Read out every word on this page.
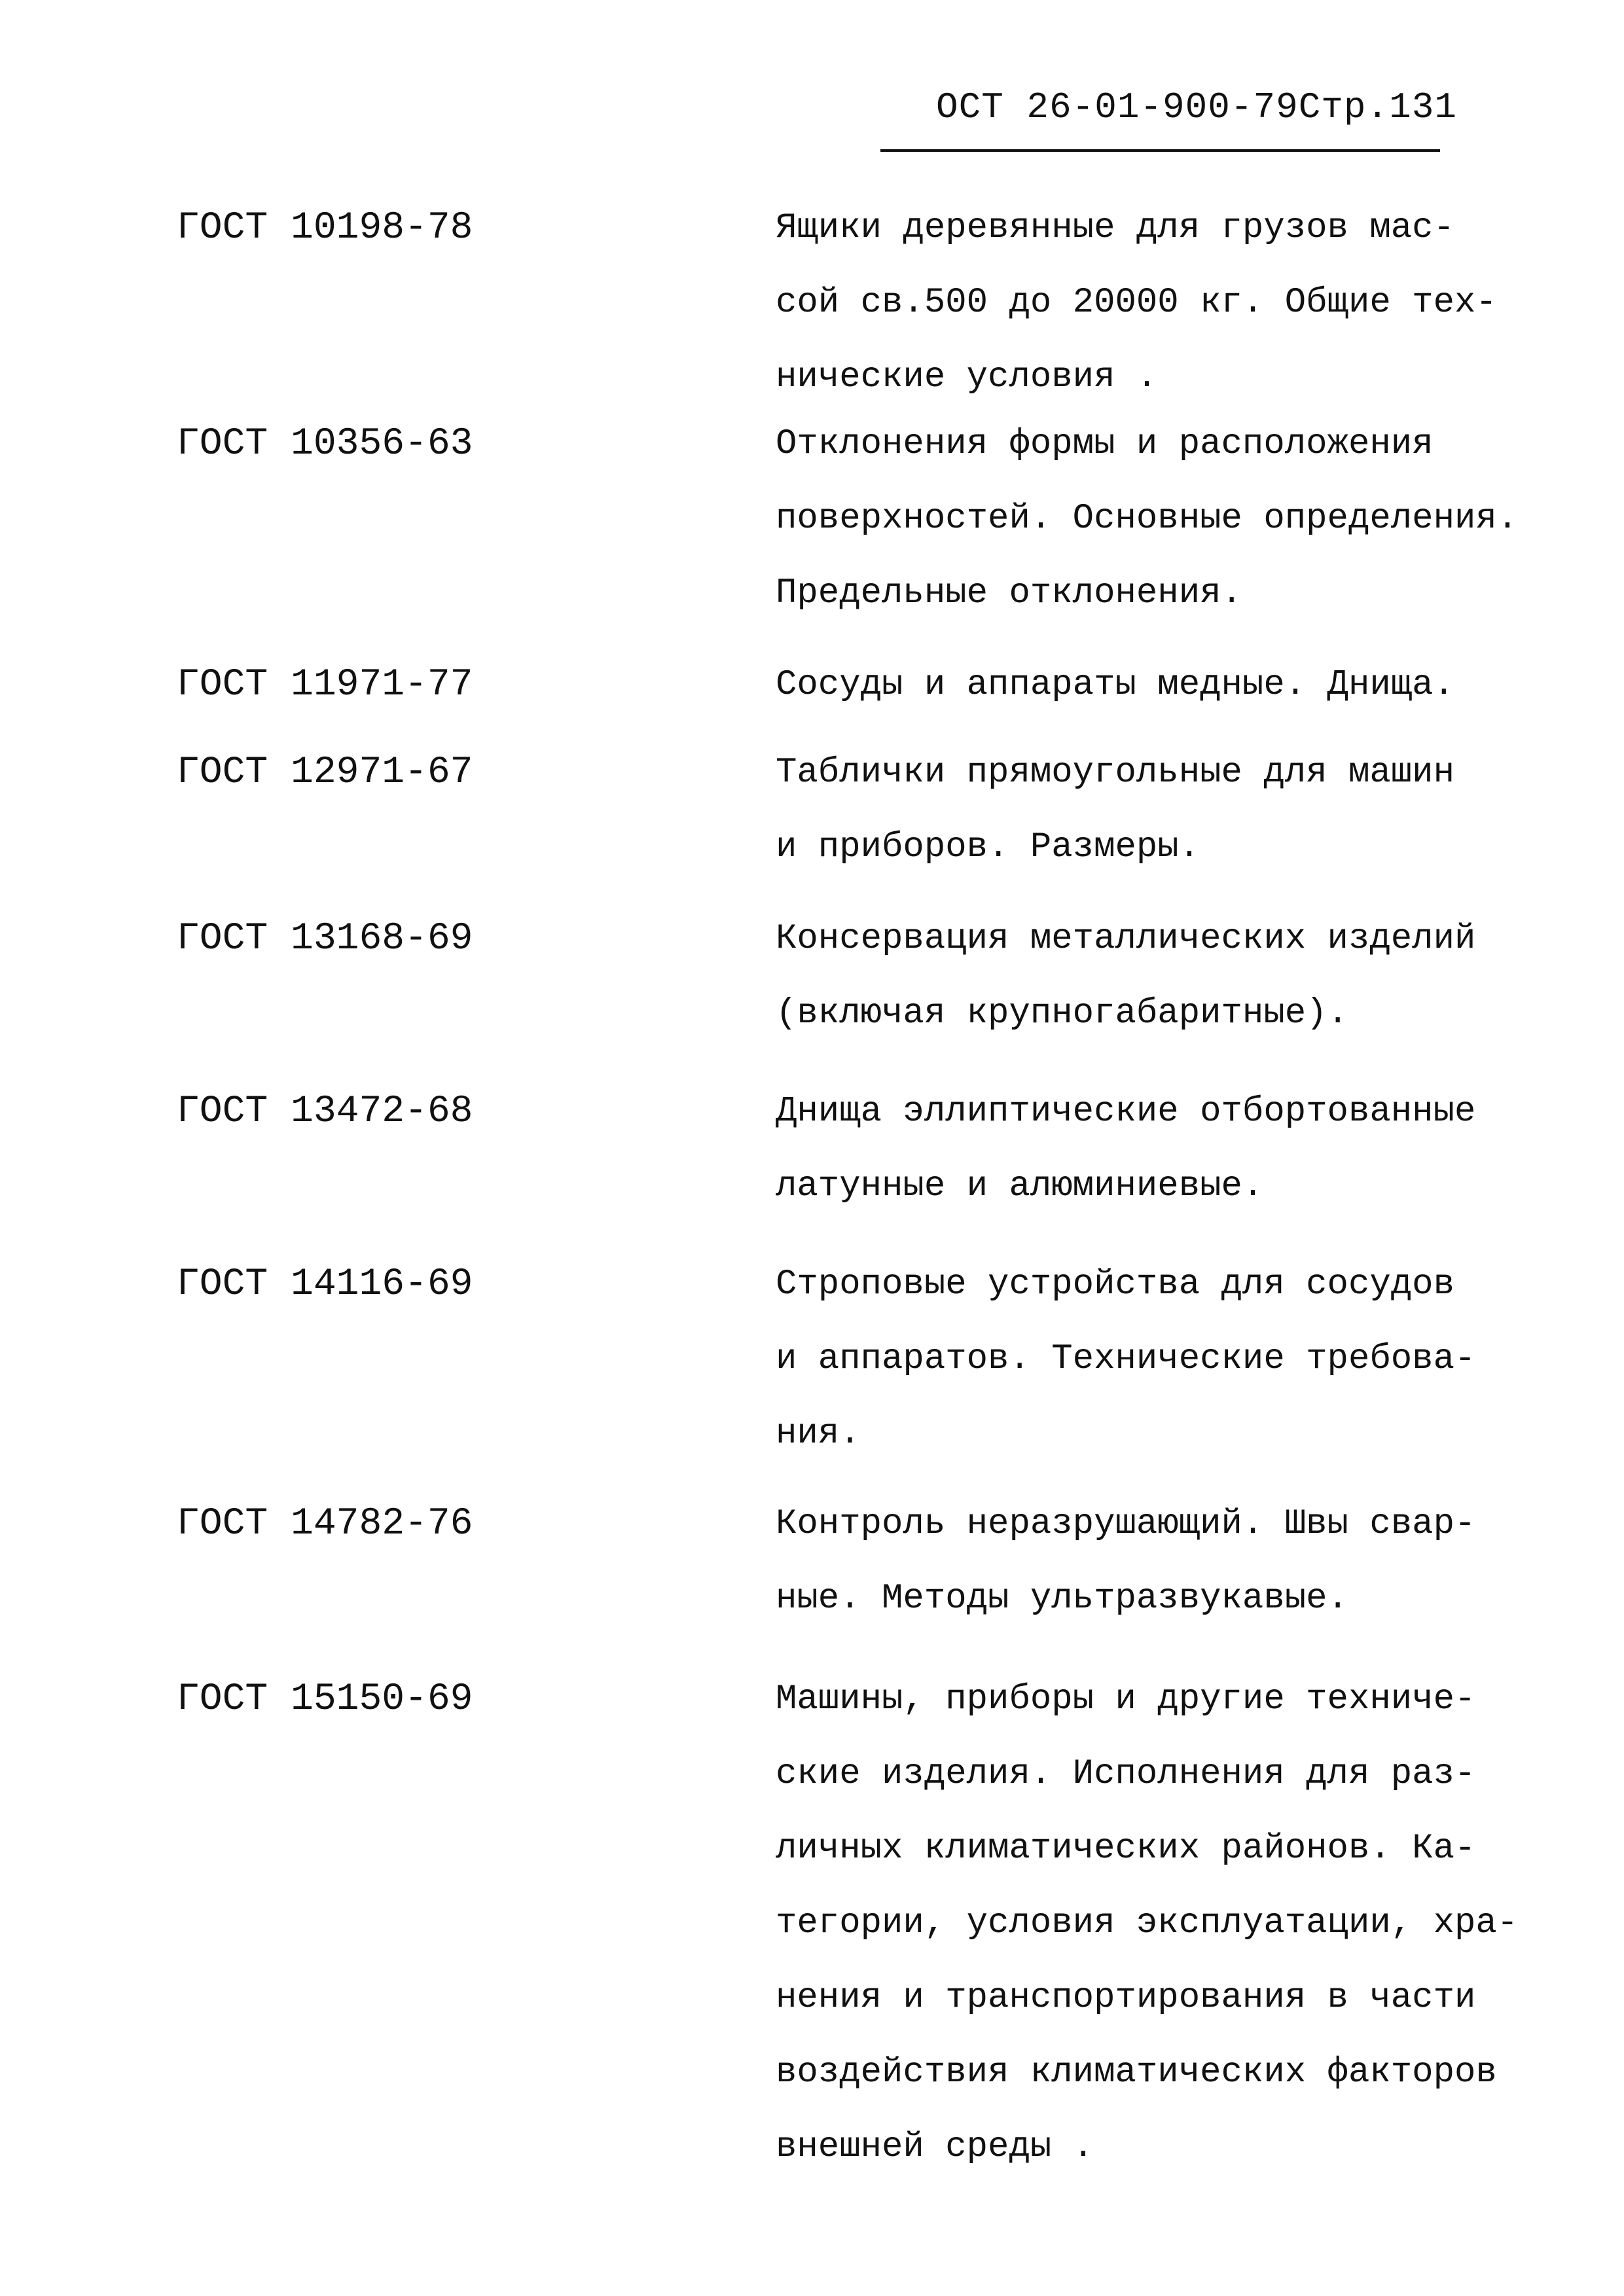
ОСТ 26-01-900-79Стр.131
ГОСТ 10198-78	Ящики деревянные для грузов мас-
сой св.500 до 20000 кг. Общие тех-
нические условия .
ГОСТ 10356-63	Отклонения формы и расположения
поверхностей. Основные определения.
Предельные отклонения.
ГОСТ 11971-77	Сосуды и аппараты медные. Днища.
ГОСТ 12971-67	Таблички прямоугольные для машин
и приборов. Размеры.
ГОСТ 13168-69	Консервация металлических изделий
(включая крупногабаритные).
ГОСТ 13472-68	Днища эллиптические отбортованные
латунные и алюминиевые.
ГОСТ 14116-69	Строповые устройства для сосудов
и аппаратов. Технические требова-
ния.
ГОСТ 14782-76	Контроль неразрушающий. Швы свар-
ные. Методы ультразвукавые.
ГОСТ 15150-69	Машины, приборы и другие техниче-
ские изделия. Исполнения для раз-
личных климатических районов. Ка-
тегории, условия эксплуатации, хра-
нения и транспортирования в части
воздействия климатических факторов
внешней среды .
